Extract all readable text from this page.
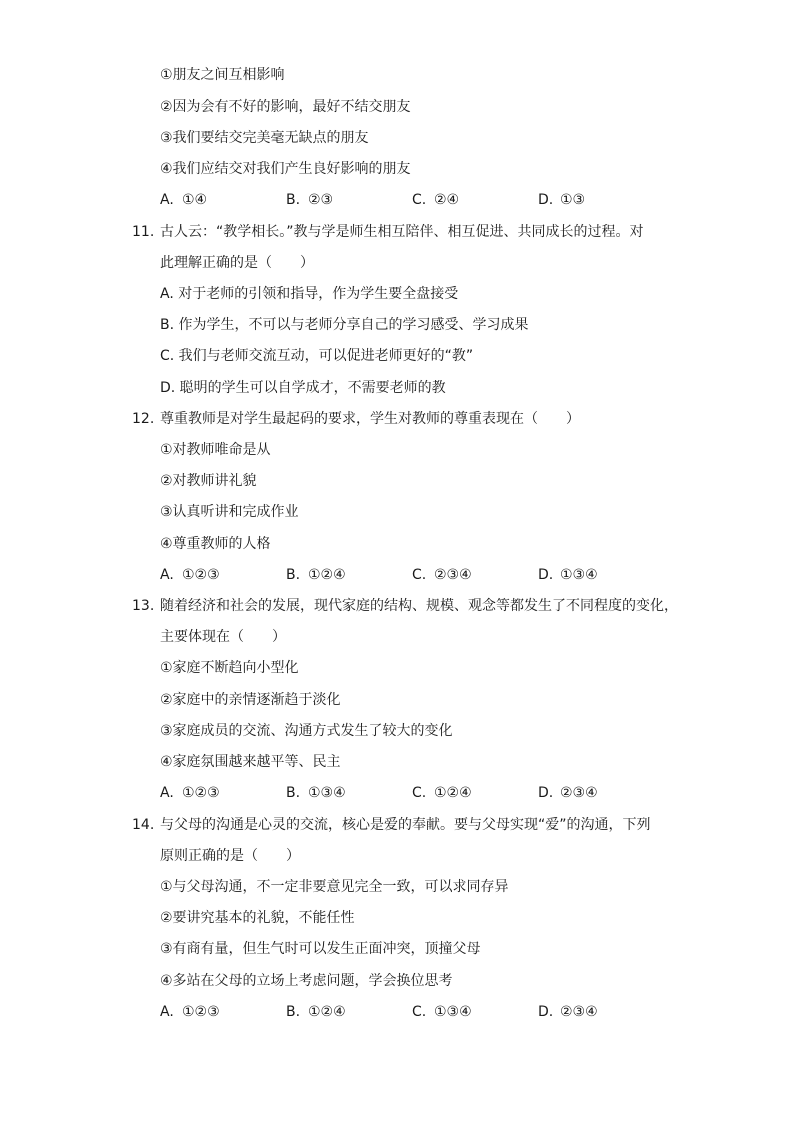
①朋友之间互相影响
②因为会有不好的影响，最好不结交朋友
③我们要结交完美毫无缺点的朋友
④我们应结交对我们产生良好影响的朋友
A. ①④	B. ②③	C. ②④	D. ①③
11. 古人云：“教学相长。”教与学是师生相互陪伴、相互促进、共同成长的过程。对
此理解正确的是（　　）
A. 对于老师的引领和指导，作为学生要全盘接受
B. 作为学生，不可以与老师分享自己的学习感受、学习成果
C. 我们与老师交流互动，可以促进老师更好的“教”
D. 聪明的学生可以自学成才，不需要老师的教
12. 尊重教师是对学生最起码的要求，学生对教师的尊重表现在（　　）
①对教师唯命是从
②对教师讲礼貌
③认真听讲和完成作业
④尊重教师的人格
A. ①②③	B. ①②④	C. ②③④	D. ①③④
13. 随着经济和社会的发展，现代家庭的结构、规模、观念等都发生了不同程度的变化，
主要体现在（　　）
①家庭不断趋向小型化
②家庭中的亲情逐渐趋于淡化
③家庭成员的交流、沟通方式发生了较大的变化
④家庭氛围越来越平等、民主
A. ①②③	B. ①③④	C. ①②④	D. ②③④
14. 与父母的沟通是心灵的交流，核心是爱的奉献。要与父母实现“爱”的沟通，下列
原则正确的是（　　）
①与父母沟通，不一定非要意见完全一致，可以求同存异
②要讲究基本的礼貌，不能任性
③有商有量，但生气时可以发生正面冲突，顶撞父母
④多站在父母的立场上考虑问题，学会换位思考
A. ①②③	B. ①②④	C. ①③④	D. ②③④
